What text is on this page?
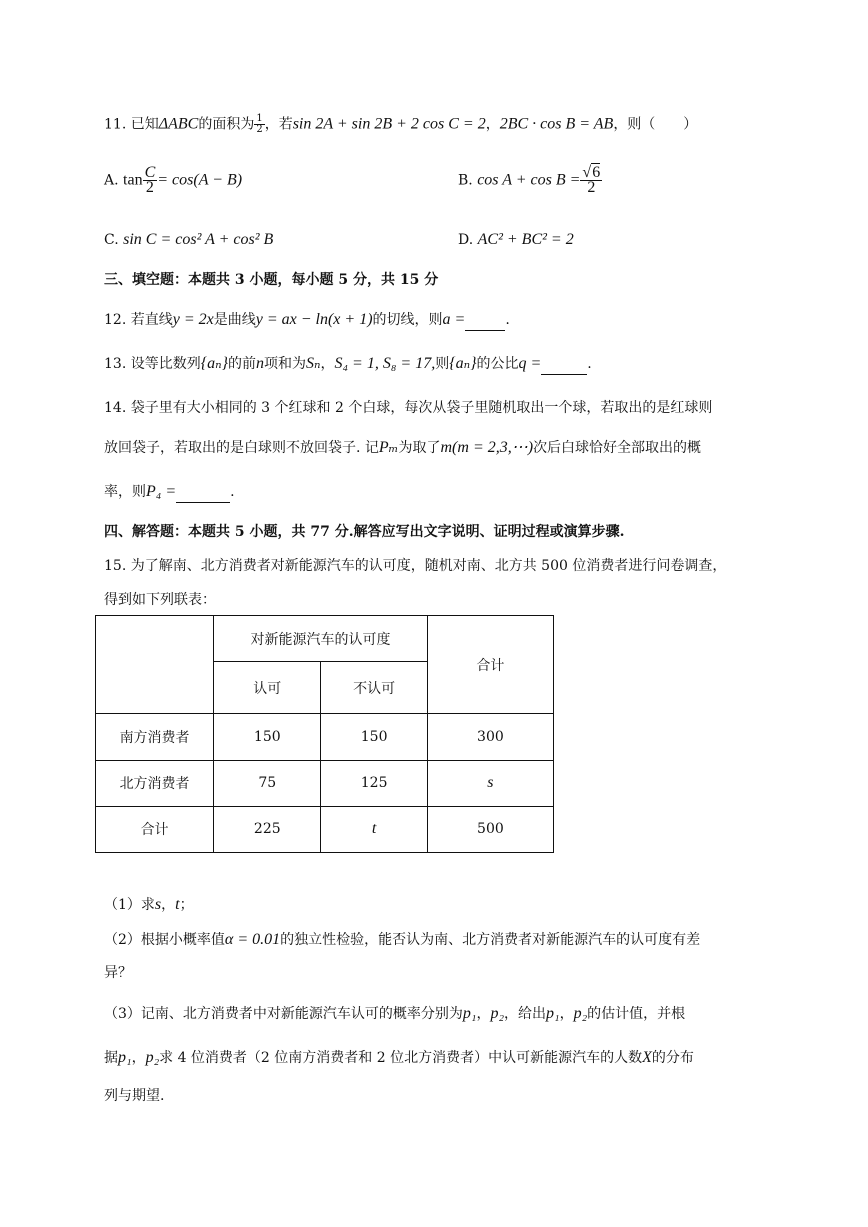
11. 已知ΔABC的面积为 $\frac{1}{2}$ ，若sin 2A + sin 2B + 2 cos C = 2，2BC · cos B = AB，则（　　）
A. $\tan \frac{C}{2} = \cos(A - B)$	B. $\cos A + \cos B = \frac{√6}{2}$
C. sin C = cos² A + cos² B	D. AC² + BC² = 2
三、填空题：本题共 3 小题，每小题 5 分，共 15 分
12. 若直线y = 2x是曲线y = ax − ln(x + 1)的切线，则a =	.
13. 设等比数列{aₙ}的前n项和为Sₙ，S₄ = 1, S₈ = 17,则{aₙ}的公比q =	.
14. 袋子里有大小相同的 3 个红球和 2 个白球，每次从袋子里随机取出一个球，若取出的是红球则
放回袋子，若取出的是白球则不放回袋子. 记Pₘ为取了m(m = 2,3,⋯)次后白球恰好全部取出的概
率，则P₄ =	.
四、解答题：本题共 5 小题，共 77 分.解答应写出文字说明、证明过程或演算步骤.
15. 为了解南、北方消费者对新能源汽车的认可度，随机对南、北方共 500 位消费者进行问卷调查，
得到如下列联表：
	对新能源汽车的认可度		合计
	认可	不认可	
南方消费者	150	150	300
北方消费者	75	125	s
合计	225	t	500
（1）求s，t；
（2）根据小概率值α = 0.01的独立性检验，能否认为南、北方消费者对新能源汽车的认可度有差
异？
（3）记南、北方消费者中对新能源汽车认可的概率分别为p₁，p₂，给出p₁，p₂的估计值，并根
据p₁，p₂求 4 位消费者（2 位南方消费者和 2 位北方消费者）中认可新能源汽车的人数X的分布
列与期望.
